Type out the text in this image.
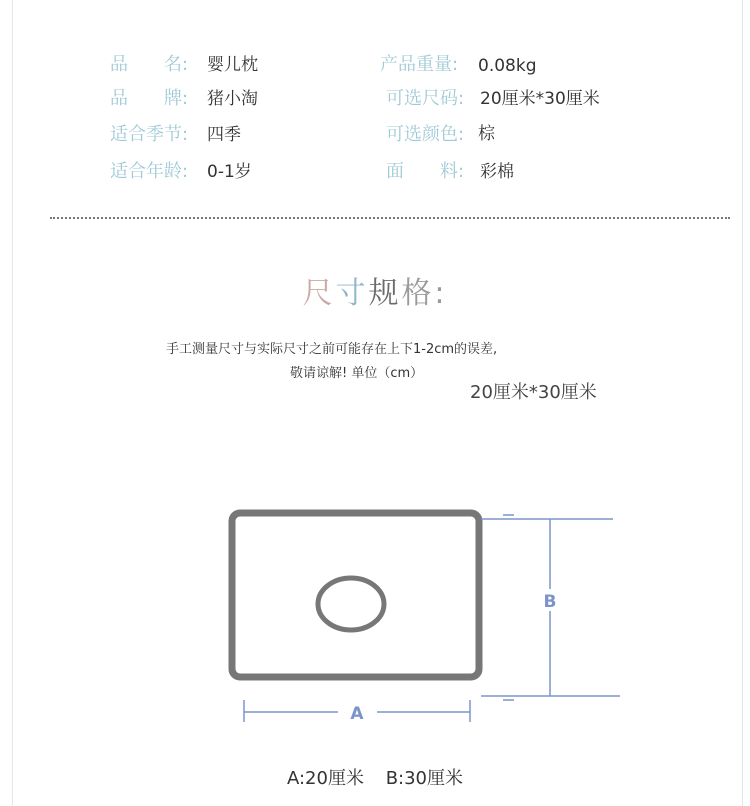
品　　名: 婴儿枕	产品重量: 0.08kg
品　　牌: 猪小淘	可选尺码: 20厘米*30厘米
适合季节: 四季	可选颜色: 棕
适合年龄: 0-1岁	面　　料: 彩棉
尺寸规格:
手工测量尺寸与实际尺寸之前可能存在上下1-2cm的误差,
敬请谅解! 单位（cm）
20厘米*30厘米
B
A
A:20厘米 B:30厘米
